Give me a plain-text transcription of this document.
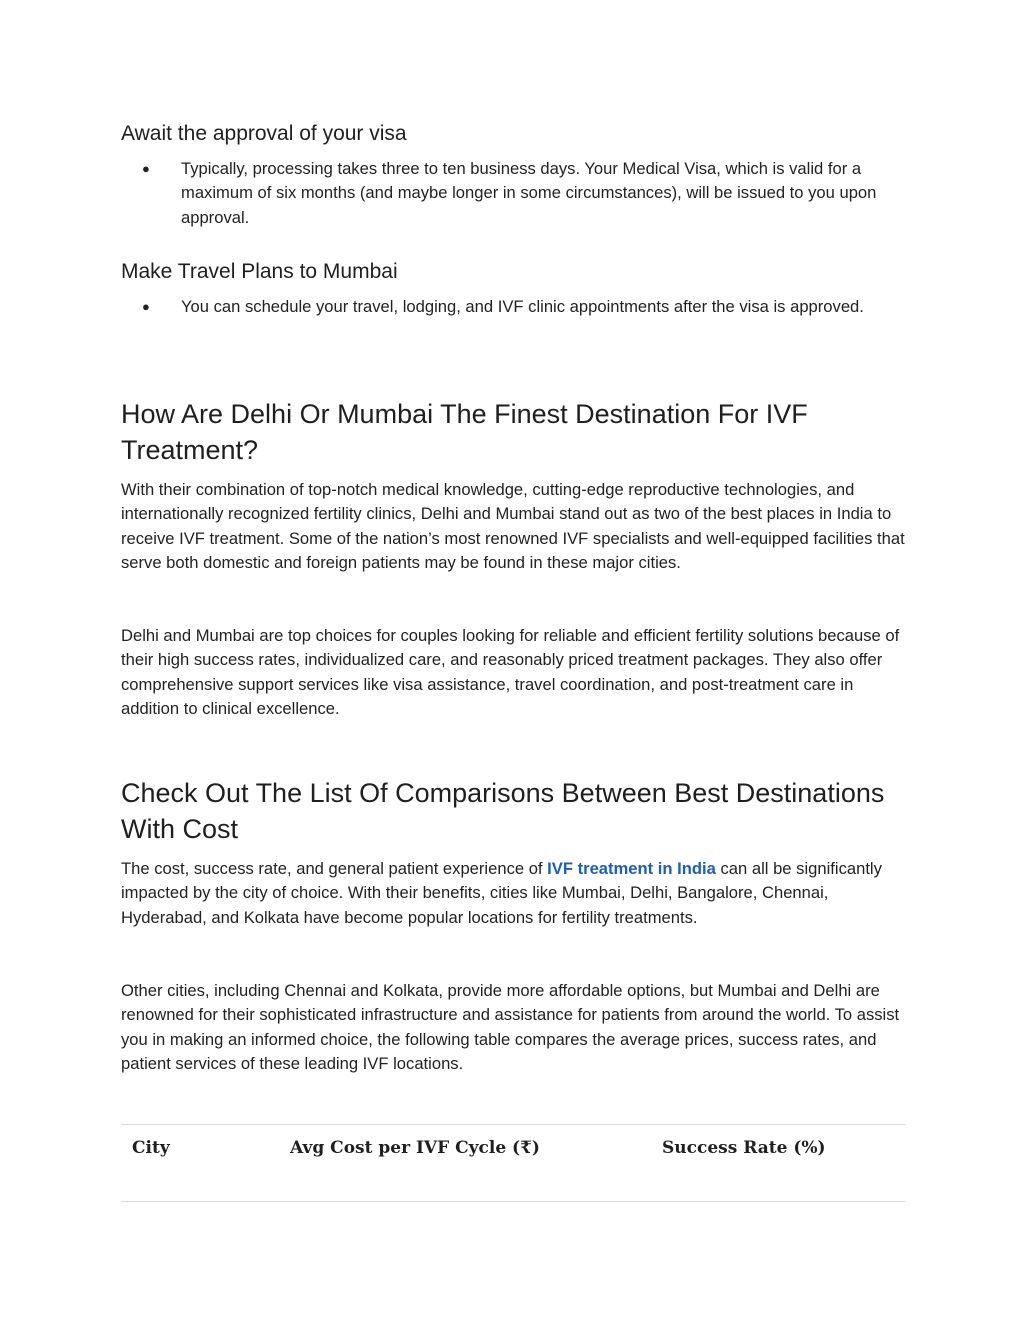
Await the approval of your visa
● Typically, processing takes three to ten business days. Your Medical Visa, which is valid for a maximum of six months (and maybe longer in some circumstances), will be issued to you upon approval.
Make Travel Plans to Mumbai
● You can schedule your travel, lodging, and IVF clinic appointments after the visa is approved.
How Are Delhi Or Mumbai The Finest Destination For IVF Treatment?

With their combination of top-notch medical knowledge, cutting-edge reproductive technologies, and internationally recognized fertility clinics, Delhi and Mumbai stand out as two of the best places in India to receive IVF treatment. Some of the nation’s most renowned IVF specialists and well-equipped facilities that serve both domestic and foreign patients may be found in these major cities.

Delhi and Mumbai are top choices for couples looking for reliable and efficient fertility solutions because of their high success rates, individualized care, and reasonably priced treatment packages. They also offer comprehensive support services like visa assistance, travel coordination, and post-treatment care in addition to clinical excellence.

Check Out The List Of Comparisons Between Best Destinations With Cost

The cost, success rate, and general patient experience of IVF treatment in India can all be significantly impacted by the city of choice. With their benefits, cities like Mumbai, Delhi, Bangalore, Chennai, Hyderabad, and Kolkata have become popular locations for fertility treatments.

Other cities, including Chennai and Kolkata, provide more affordable options, but Mumbai and Delhi are renowned for their sophisticated infrastructure and assistance for patients from around the world. To assist you in making an informed choice, the following table compares the average prices, success rates, and patient services of these leading IVF locations.

City	Avg Cost per IVF Cycle (₹)	Success Rate (%)
